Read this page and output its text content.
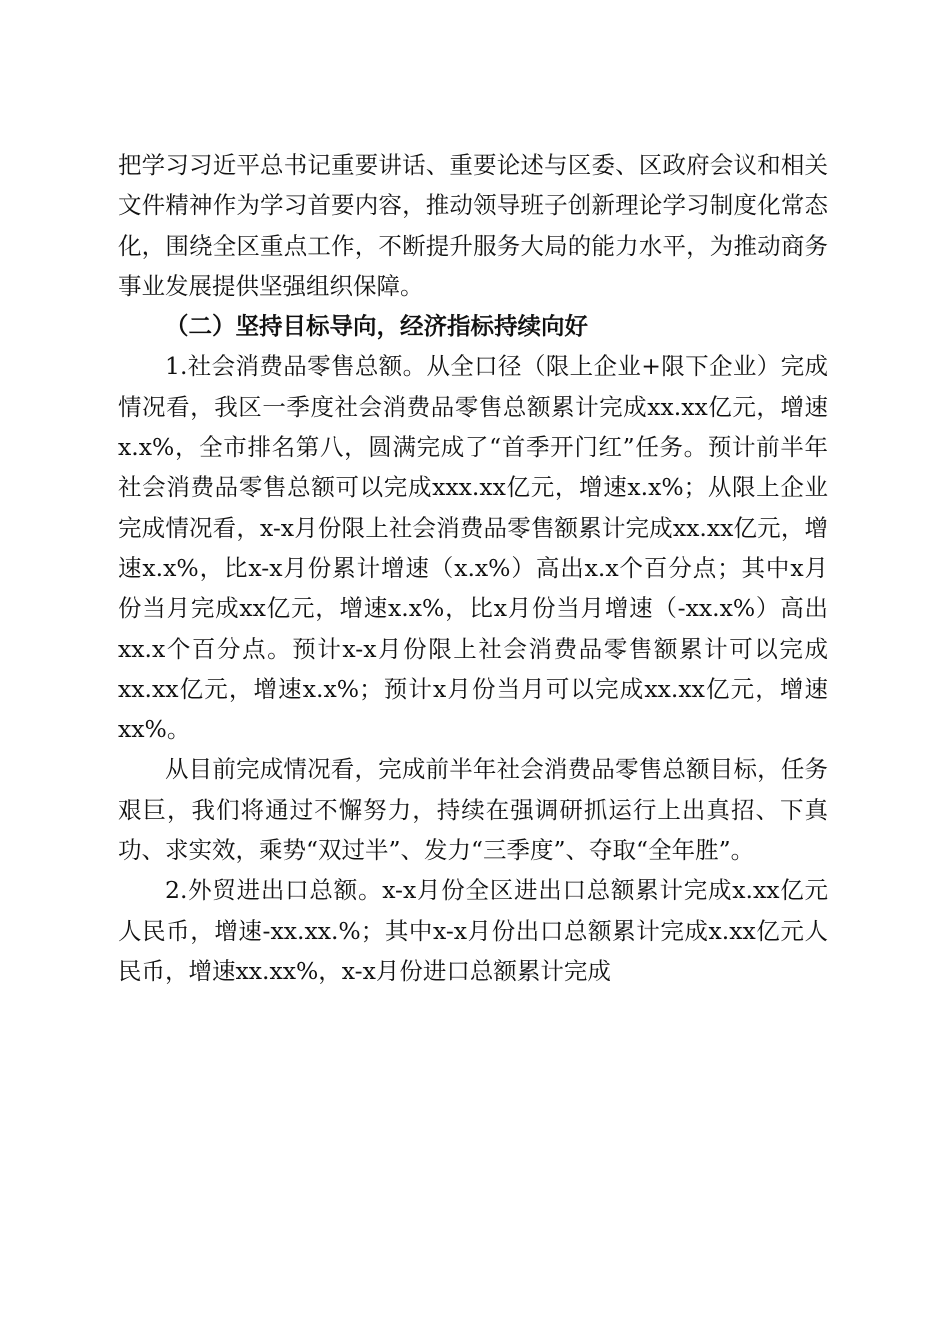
把学习习近平总书记重要讲话、重要论述与区委、区政府会议和相关文件精神作为学习首要内容，推动领导班子创新理论学习制度化常态化，围绕全区重点工作，不断提升服务大局的能力水平，为推动商务事业发展提供坚强组织保障。

（二）坚持目标导向，经济指标持续向好

1.社会消费品零售总额。从全口径（限上企业+限下企业）完成情况看，我区一季度社会消费品零售总额累计完成xx.xx亿元，增速x.x%，全市排名第八，圆满完成了“首季开门红”任务。预计前半年社会消费品零售总额可以完成xxx.xx亿元，增速x.x%；从限上企业完成情况看，x-x月份限上社会消费品零售额累计完成xx.xx亿元，增速x.x%，比x-x月份累计增速（x.x%）高出x.x个百分点；其中x月份当月完成xx亿元，增速x.x%，比x月份当月增速（-xx.x%）高出xx.x个百分点。预计x-x月份限上社会消费品零售额累计可以完成xx.xx亿元，增速x.x%；预计x月份当月可以完成xx.xx亿元，增速xx%。

从目前完成情况看，完成前半年社会消费品零售总额目标，任务艰巨，我们将通过不懈努力，持续在强调研抓运行上出真招、下真功、求实效，乘势“双过半”、发力“三季度”、夺取“全年胜”。

2.外贸进出口总额。x-x月份全区进出口总额累计完成x.xx亿元人民币，增速-xx.xx.%；其中x-x月份出口总额累计完成x.xx亿元人民币，增速xx.xx%，x-x月份进口总额累计完成
